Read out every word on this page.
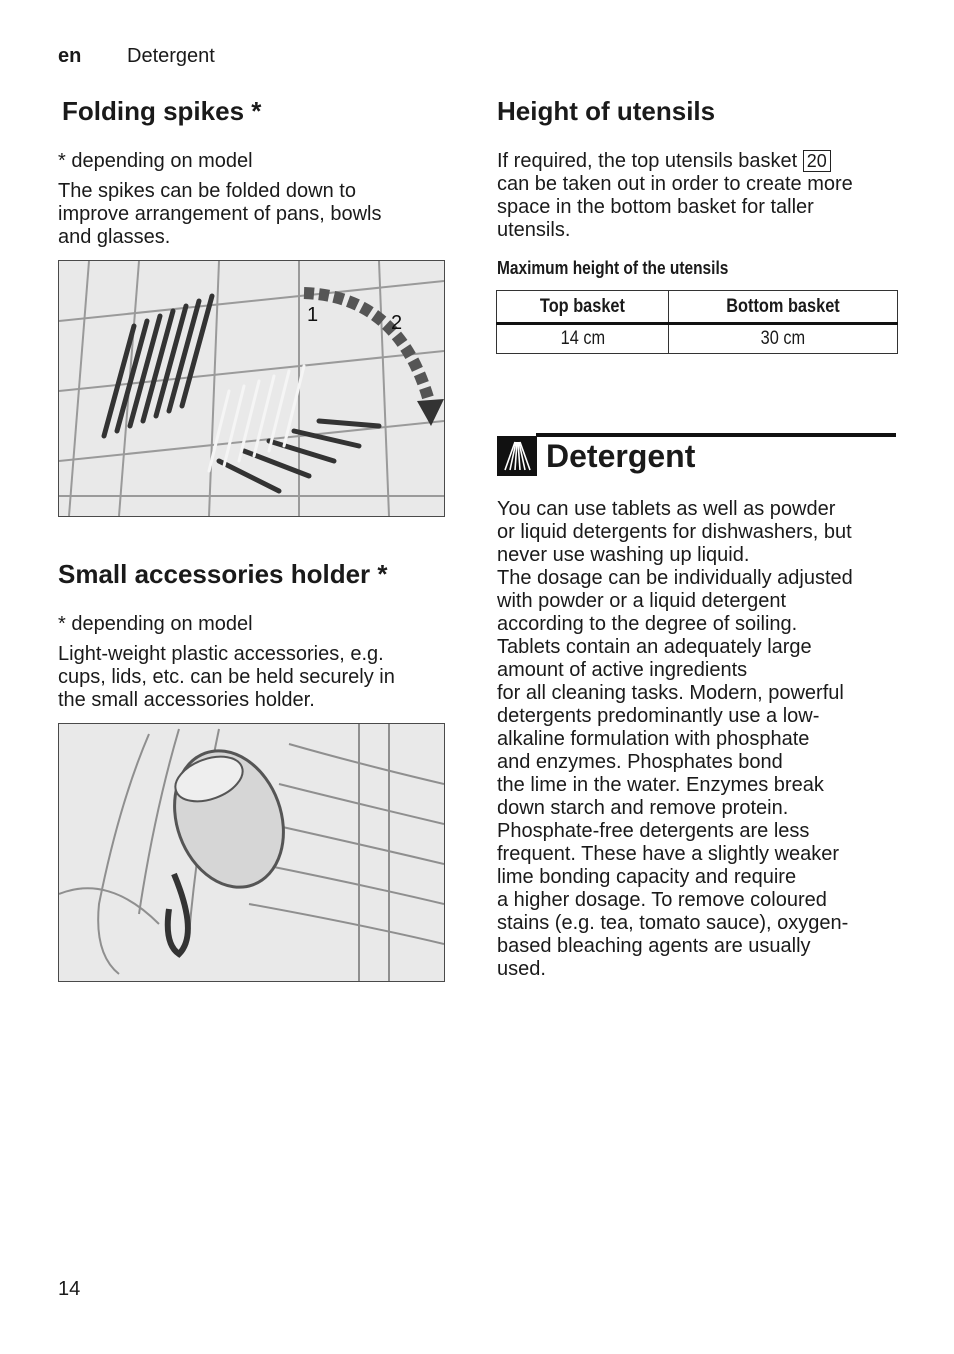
en Detergent
Folding spikes *
* depending on model
The spikes can be folded down to
improve arrangement of pans, bowls
and glasses.
1	2
Small accessories holder *
* depending on model
Light-weight plastic accessories, e.g.
cups, lids, etc. can be held securely in
the small accessories holder.
Height of utensils
If required, the top utensils basket 20
can be taken out in order to create more
space in the bottom basket for taller
utensils.
Maximum height of the utensils
Top basket	Bottom basket
14 cm	30 cm
Detergent
You can use tablets as well as powder
or liquid detergents for dishwashers, but
never use washing up liquid.
The dosage can be individually adjusted
with powder or a liquid detergent
according to the degree of soiling.
Tablets contain an adequately large
amount of active ingredients
for all cleaning tasks. Modern, powerful
detergents predominantly use a low-
alkaline formulation with phosphate
and enzymes. Phosphates bond
the lime in the water. Enzymes break
down starch and remove protein.
Phosphate-free detergents are less
frequent. These have a slightly weaker
lime bonding capacity and require
a higher dosage. To remove coloured
stains (e.g. tea, tomato sauce), oxygen-
based bleaching agents are usually
used.
14
